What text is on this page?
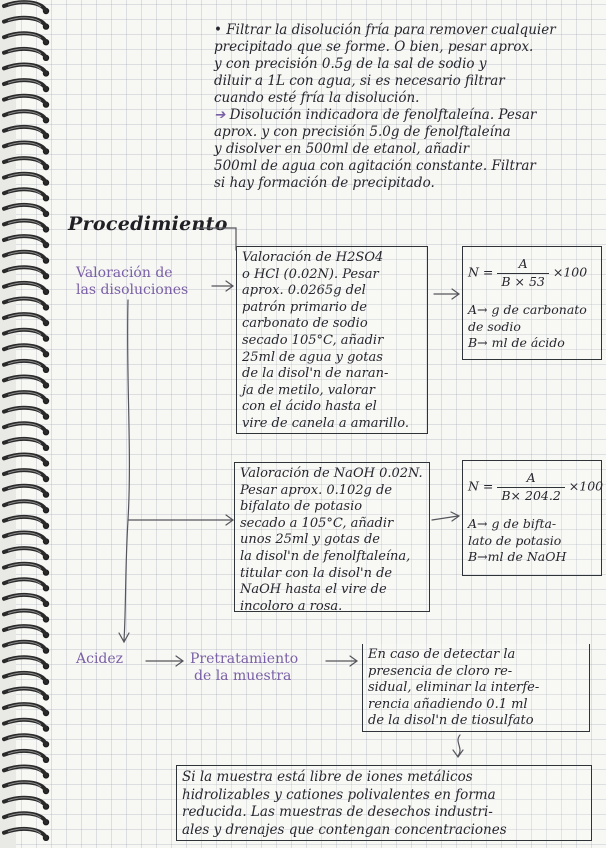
• Filtrar la disolución fría para remover cualquier
precipitado que se forme. O bien, pesar aprox.
y con precisión 0.5g de la sal de sodio y
diluir a 1L con agua, si es necesario filtrar
cuando esté fría la disolución.
➔ Disolución indicadora de fenolftaleína. Pesar
aprox. y con precisión 5.0g de fenolftaleína
y disolver en 500ml de etanol, añadir
500ml de agua con agitación constante. Filtrar
si hay formación de precipitado.
Procedimiento
Valoración de
las disoluciones
Valoración de H2SO4
o HCl (0.02N). Pesar
aprox. 0.0265g del
patrón primario de
carbonato de sodio
secado 105°C, añadir
25ml de agua y gotas
de la disol'n de naran-
ja de metilo, valorar
con el ácido hasta el
vire de canela a amarillo.
$N = \frac{A}{B \times 53} \times 100$
A→ g de carbonato
de sodio
B→ ml de ácido
Valoración de NaOH 0.02N.
Pesar aprox. 0.102g de
bifalato de potasio
secado a 105°C, añadir
unos 25ml y gotas de
la disol'n de fenolftaleína,
titular con la disol'n de
NaOH hasta el vire de
incoloro a rosa.
$N = \frac{A}{B\times 204.2} \times 100$
A→ g de bifta-
lato de potasio
B→ml de NaOH
Acidez	Pretratamiento
de la muestra
En caso de detectar la
presencia de cloro re-
sidual, eliminar la interfe-
rencia añadiendo 0.1 ml
de la disol'n de tiosulfato
Si la muestra está libre de iones metálicos
hidrolizables y cationes polivalentes en forma
reducida. Las muestras de desechos industri-
ales y drenajes que contengan concentraciones
